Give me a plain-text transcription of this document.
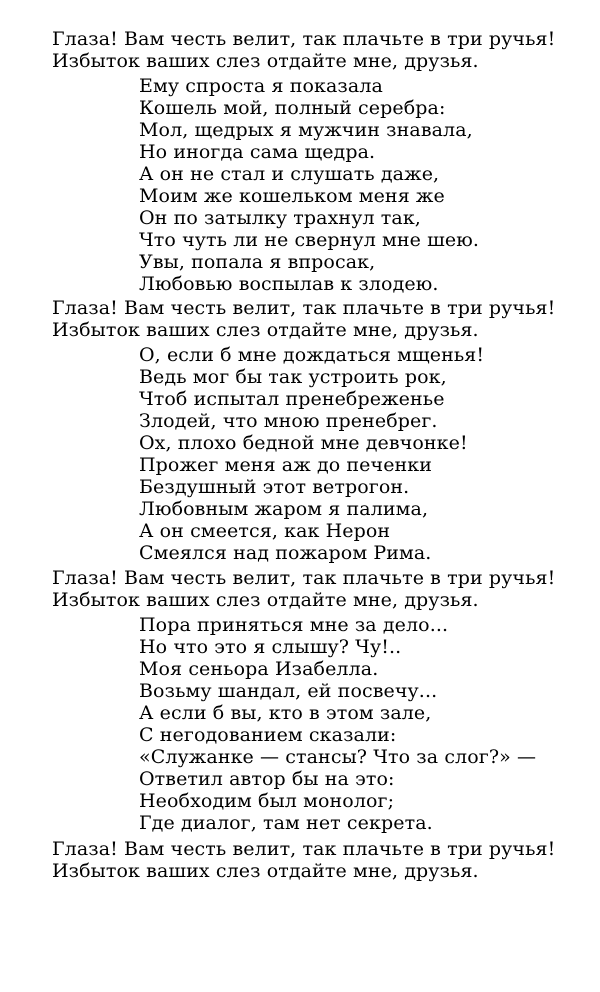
Глаза! Вам честь велит, так плачьте в три ручья!
Избыток ваших слез отдайте мне, друзья.
Ему спроста я показала
Кошель мой, полный серебра:
Мол, щедрых я мужчин знавала,
Но иногда сама щедра.
А он не стал и слушать даже,
Моим же кошельком меня же
Он по затылку трахнул так,
Что чуть ли не свернул мне шею.
Увы, попала я впросак,
Любовью воспылав к злодею.
Глаза! Вам честь велит, так плачьте в три ручья!
Избыток ваших слез отдайте мне, друзья.
О, если б мне дождаться мщенья!
Ведь мог бы так устроить рок,
Чтоб испытал пренебреженье
Злодей, что мною пренебрег.
Ох, плохо бедной мне девчонке!
Прожег меня аж до печенки
Бездушный этот ветрогон.
Любовным жаром я палима,
А он смеется, как Нерон
Смеялся над пожаром Рима.
Глаза! Вам честь велит, так плачьте в три ручья!
Избыток ваших слез отдайте мне, друзья.
Пора приняться мне за дело...
Но что это я слышу? Чу!..
Моя сеньора Изабелла.
Возьму шандал, ей посвечу...
А если б вы, кто в этом зале,
С негодованием сказали:
«Служанке — стансы? Что за слог?» —
Ответил автор бы на это:
Необходим был монолог;
Где диалог, там нет секрета.
Глаза! Вам честь велит, так плачьте в три ручья!
Избыток ваших слез отдайте мне, друзья.
